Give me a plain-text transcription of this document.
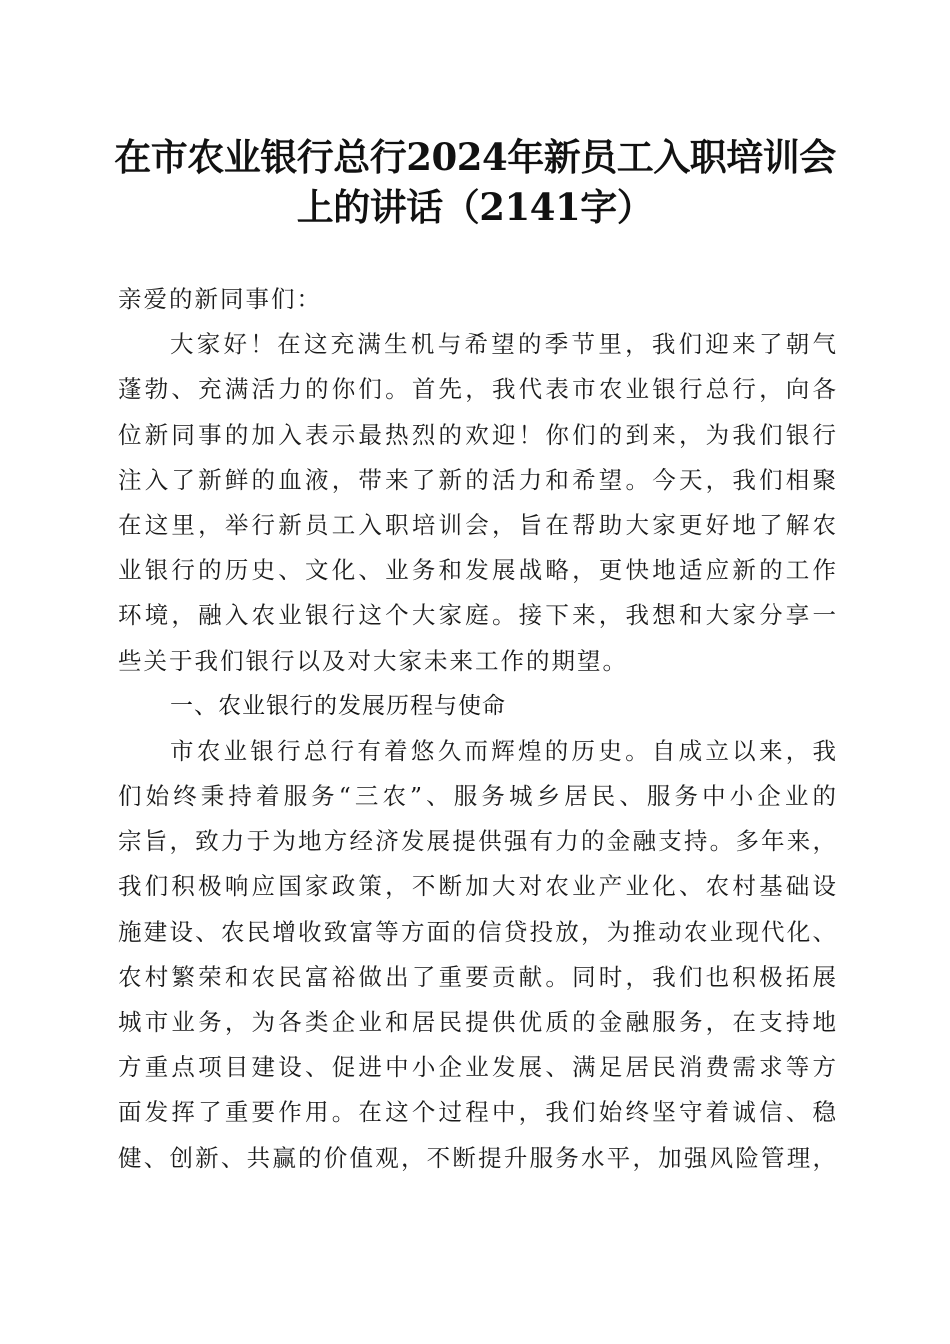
在市农业银行总行2024年新员工入职培训会
上的讲话（2141字）
亲爱的新同事们：
大家好！在这充满生机与希望的季节里，我们迎来了朝气
蓬勃、充满活力的你们。首先，我代表市农业银行总行，向各
位新同事的加入表示最热烈的欢迎！你们的到来，为我们银行
注入了新鲜的血液，带来了新的活力和希望。今天，我们相聚
在这里，举行新员工入职培训会，旨在帮助大家更好地了解农
业银行的历史、文化、业务和发展战略，更快地适应新的工作
环境，融入农业银行这个大家庭。接下来，我想和大家分享一
些关于我们银行以及对大家未来工作的期望。
一、农业银行的发展历程与使命
市农业银行总行有着悠久而辉煌的历史。自成立以来，我
们始终秉持着服务“三农”、服务城乡居民、服务中小企业的
宗旨，致力于为地方经济发展提供强有力的金融支持。多年来，
我们积极响应国家政策，不断加大对农业产业化、农村基础设
施建设、农民增收致富等方面的信贷投放，为推动农业现代化、
农村繁荣和农民富裕做出了重要贡献。同时，我们也积极拓展
城市业务，为各类企业和居民提供优质的金融服务，在支持地
方重点项目建设、促进中小企业发展、满足居民消费需求等方
面发挥了重要作用。在这个过程中，我们始终坚守着诚信、稳
健、创新、共赢的价值观，不断提升服务水平，加强风险管理，
